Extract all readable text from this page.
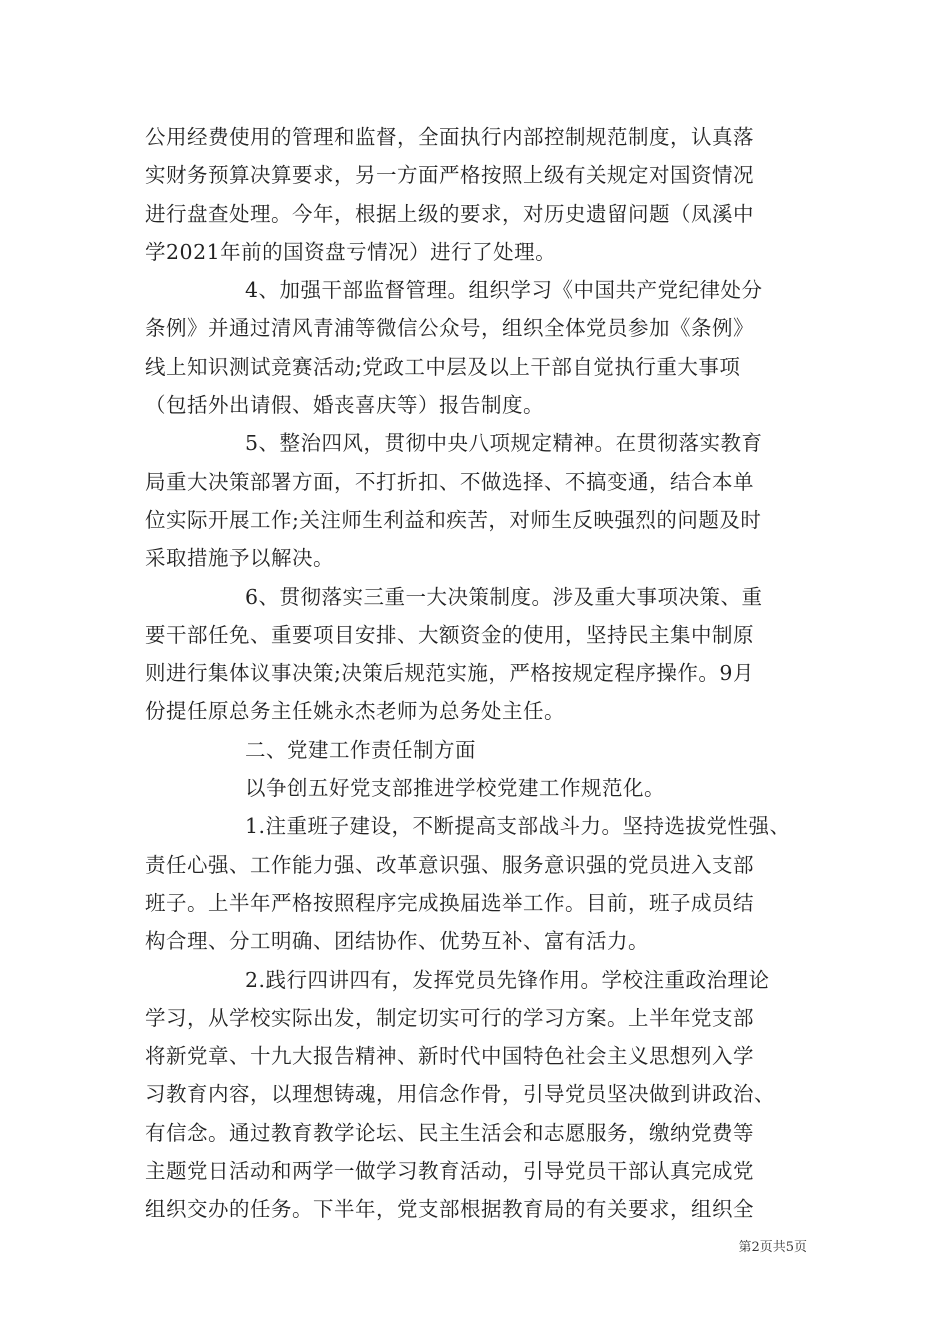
公用经费使用的管理和监督，全面执行内部控制规范制度，认真落
实财务预算决算要求，另一方面严格按照上级有关规定对国资情况
进行盘查处理。今年，根据上级的要求，对历史遗留问题（凤溪中
学2021年前的国资盘亏情况）进行了处理。
4、加强干部监督管理。组织学习《中国共产党纪律处分
条例》并通过清风青浦等微信公众号，组织全体党员参加《条例》
线上知识测试竞赛活动;党政工中层及以上干部自觉执行重大事项
（包括外出请假、婚丧喜庆等）报告制度。
5、整治四风，贯彻中央八项规定精神。在贯彻落实教育
局重大决策部署方面，不打折扣、不做选择、不搞变通，结合本单
位实际开展工作;关注师生利益和疾苦，对师生反映强烈的问题及时
采取措施予以解决。
6、贯彻落实三重一大决策制度。涉及重大事项决策、重
要干部任免、重要项目安排、大额资金的使用，坚持民主集中制原
则进行集体议事决策;决策后规范实施，严格按规定程序操作。9月
份提任原总务主任姚永杰老师为总务处主任。
二、党建工作责任制方面
以争创五好党支部推进学校党建工作规范化。
1.注重班子建设，不断提高支部战斗力。坚持选拔党性强、
责任心强、工作能力强、改革意识强、服务意识强的党员进入支部
班子。上半年严格按照程序完成换届选举工作。目前，班子成员结
构合理、分工明确、团结协作、优势互补、富有活力。
2.践行四讲四有，发挥党员先锋作用。学校注重政治理论
学习，从学校实际出发，制定切实可行的学习方案。上半年党支部
将新党章、十九大报告精神、新时代中国特色社会主义思想列入学
习教育内容，以理想铸魂，用信念作骨，引导党员坚决做到讲政治、
有信念。通过教育教学论坛、民主生活会和志愿服务，缴纳党费等
主题党日活动和两学一做学习教育活动，引导党员干部认真完成党
组织交办的任务。下半年，党支部根据教育局的有关要求，组织全
第2页共5页
